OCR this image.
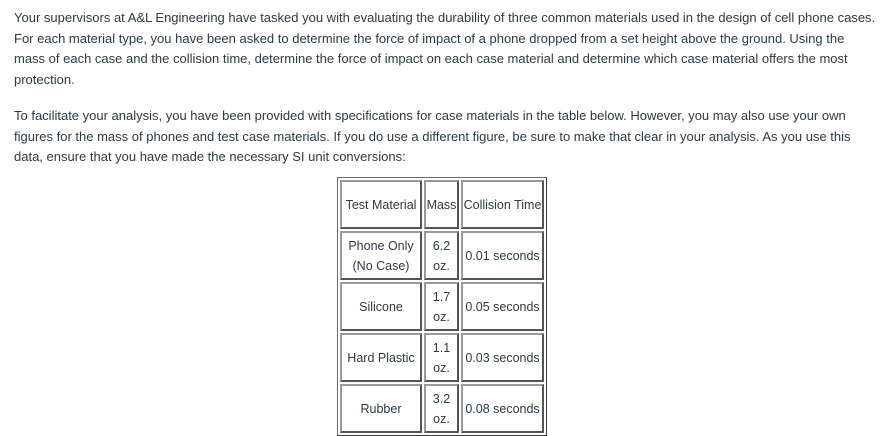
Your supervisors at A&L Engineering have tasked you with evaluating the durability of three common materials used in the design of cell phone cases. For each material type, you have been asked to determine the force of impact of a phone dropped from a set height above the ground. Using the mass of each case and the collision time, determine the force of impact on each case material and determine which case material offers the most protection.

To facilitate your analysis, you have been provided with specifications for case materials in the table below. However, you may also use your own figures for the mass of phones and test case materials. If you do use a different figure, be sure to make that clear in your analysis. As you use this data, ensure that you have made the necessary SI unit conversions:

Test Material	Mass	Collision Time
Phone Only (No Case)	6.2 oz.	0.01 seconds
Silicone	1.7 oz.	0.05 seconds
Hard Plastic	1.1 oz.	0.03 seconds
Rubber	3.2 oz.	0.08 seconds
